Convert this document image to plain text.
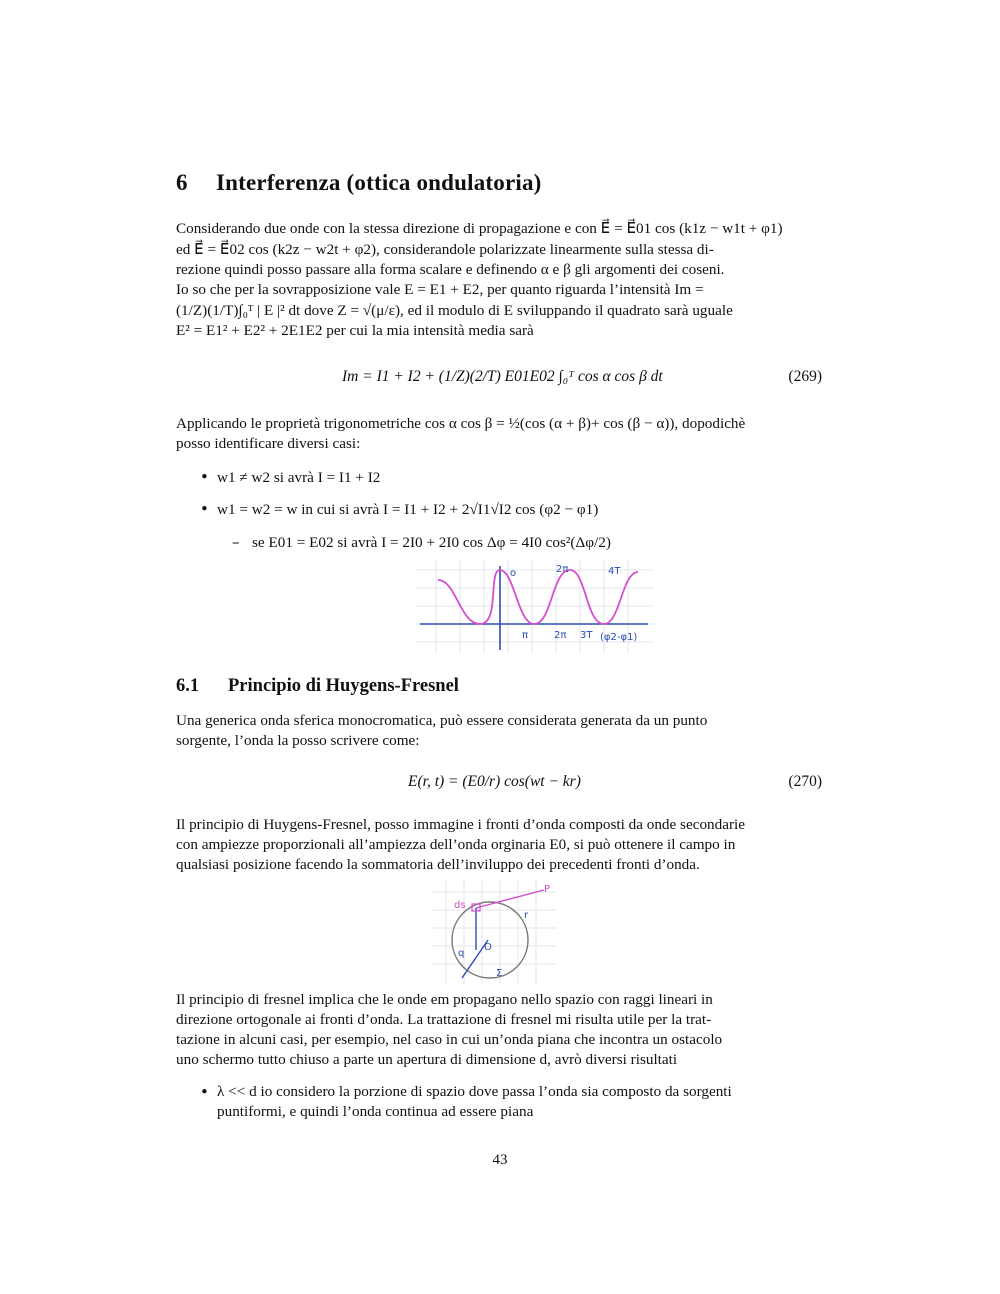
6 Interferenza (ottica ondulatoria)

Considerando due onde con la stessa direzione di propagazione e con E⃗ = E⃗01 cos (k1z − w1t + φ1)

ed E⃗ = E⃗02 cos (k2z − w2t + φ2), considerandole polarizzate linearmente sulla stessa di-

rezione quindi posso passare alla forma scalare e definendo α e β gli argomenti dei coseni.

Io so che per la sovrapposizione vale E = E1 + E2, per quanto riguarda l’intensità Im =

(1/Z)(1/T)∫₀ᵀ | E |² dt dove Z = √(μ/ε), ed il modulo di E sviluppando il quadrato sarà uguale

E² = E1² + E2² + 2E1E2 per cui la mia intensità media sarà

Im = I1 + I2 + (1/Z)(2/T) E01E02 ∫₀ᵀ cos α cos β dt	(269)

Applicando le proprietà trigonometriche cos α cos β = ½(cos (α + β)+ cos (β − α)), dopodichè

posso identificare diversi casi:

• w1 ≠ w2 si avrà I = I1 + I2
• w1 = w2 = w in cui si avrà I = I1 + I2 + 2√I1√I2 cos (φ2 − φ1)
– se E01 = E02 si avrà I = 2I0 + 2I0 cos Δφ = 4I0 cos²(Δφ/2)
o	2π	4T
π	2π 3T (φ2-φ1)
6.1 Principio di Huygens-Fresnel

Una generica onda sferica monocromatica, può essere considerata generata da un punto

sorgente, l’onda la posso scrivere come:

E(r, t) = (E0/r) cos(wt − kr)	(270)

Il principio di Huygens-Fresnel, posso immagine i fronti d’onda composti da onde secondarie

con ampiezze proporzionali all’ampiezza dell’onda orginaria E0, si può ottenere il campo in

qualsiasi posizione facendo la sommatoria dell’inviluppo dei precedenti fronti d’onda.

ds
P
r
q
O
Σ

Il principio di fresnel implica che le onde em propagano nello spazio con raggi lineari in

direzione ortogonale ai fronti d’onda. La trattazione di fresnel mi risulta utile per la trat-

tazione in alcuni casi, per esempio, nel caso in cui un’onda piana che incontra un ostacolo

uno schermo tutto chiuso a parte un apertura di dimensione d, avrò diversi risultati

• λ << d io considero la porzione di spazio dove passa l’onda sia composto da sorgenti
puntiformi, e quindi l’onda continua ad essere piana
43
